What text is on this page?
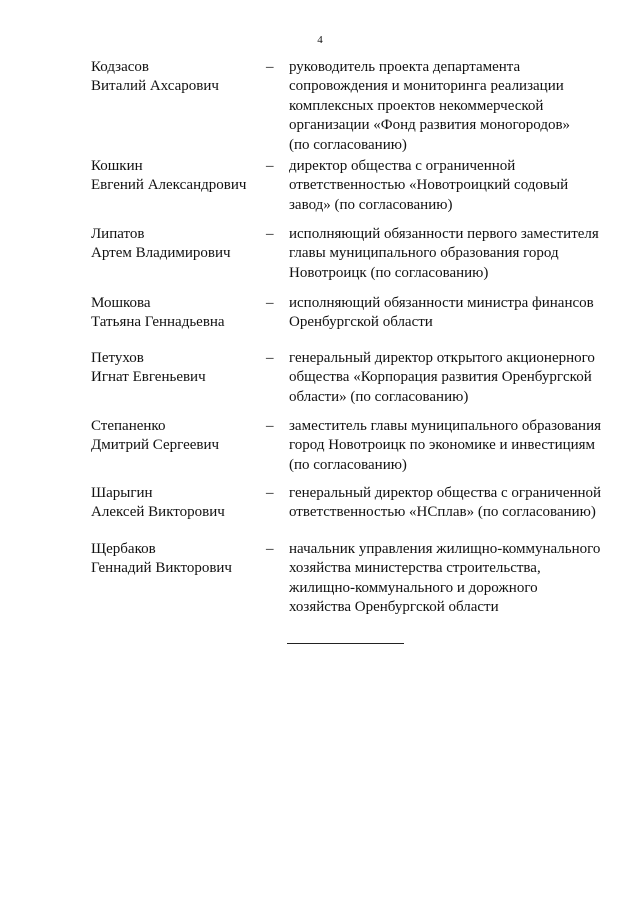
4
Кодзасов
Виталий Ахсарович
– руководитель проекта департамента
сопровождения и мониторинга реализации
комплексных проектов некоммерческой
организации «Фонд развития моногородов»
(по согласованию)
Кошкин
Евгений Александрович
– директор общества с ограниченной
ответственностью «Новотроицкий содовый
завод» (по согласованию)
Липатов
Артем Владимирович
– исполняющий обязанности первого заместителя
главы муниципального образования город
Новотроицк (по согласованию)
Мошкова
Татьяна Геннадьевна
– исполняющий обязанности министра финансов
Оренбургской области
Петухов
Игнат Евгеньевич
– генеральный директор открытого акционерного
общества «Корпорация развития Оренбургской
области» (по согласованию)
Степаненко
Дмитрий Сергеевич
– заместитель главы муниципального образования
город Новотроицк по экономике и инвестициям
(по согласованию)
Шарыгин
Алексей Викторович
– генеральный директор общества с ограниченной
ответственностью «НСплав» (по согласованию)
Щербаков
Геннадий Викторович
– начальник управления жилищно-коммунального
хозяйства министерства строительства,
жилищно-коммунального и дорожного
хозяйства Оренбургской области
